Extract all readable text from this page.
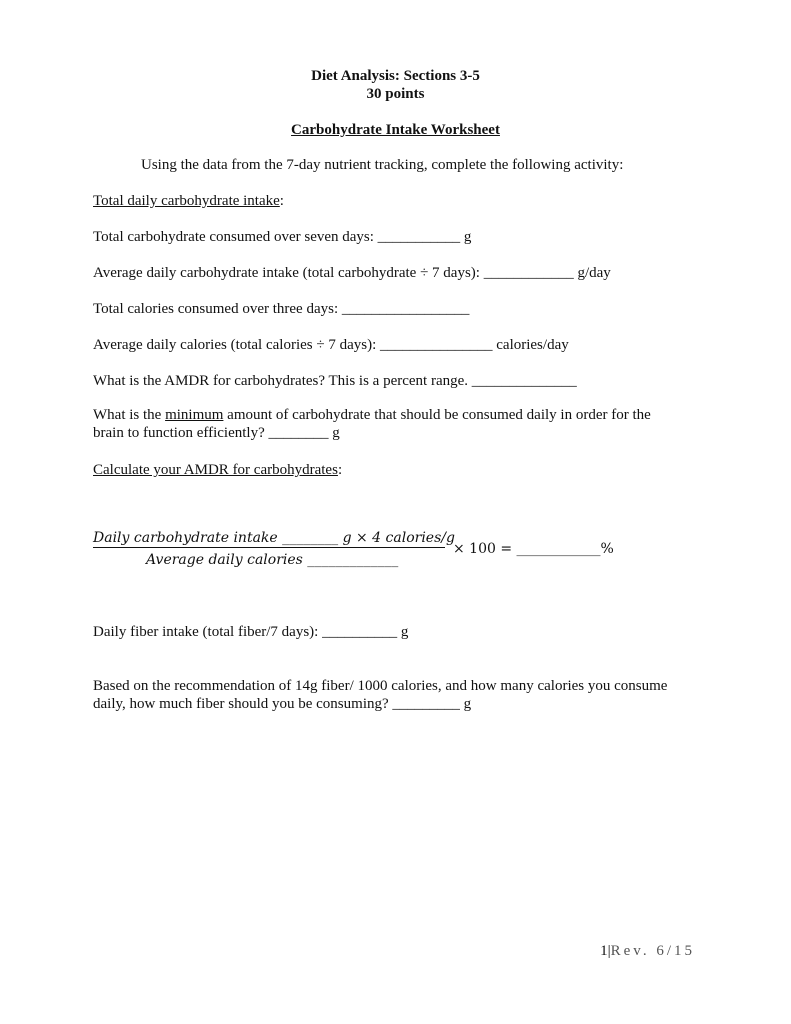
Diet Analysis: Sections 3-5
30 points
Carbohydrate Intake Worksheet
Using the data from the 7-day nutrient tracking, complete the following activity:
Total daily carbohydrate intake:
Total carbohydrate consumed over seven days: ___________ g
Average daily carbohydrate intake (total carbohydrate ÷ 7 days): ____________ g/day
Total calories consumed over three days: _________________
Average daily calories (total calories ÷ 7 days): _______________ calories/day
What is the AMDR for carbohydrates? This is a percent range. ______________
What is the minimum amount of carbohydrate that should be consumed daily in order for the
brain to function efficiently? ________ g
Calculate your AMDR for carbohydrates:
Daily carbohydrate intake ________ g × 4 calories/g
Average daily calories _____________
× 100 = ____________%
Daily fiber intake (total fiber/7 days): __________ g
Based on the recommendation of 14g fiber/ 1000 calories, and how many calories you consume
daily, how much fiber should you be consuming? _________ g
1|Rev. 6/15
